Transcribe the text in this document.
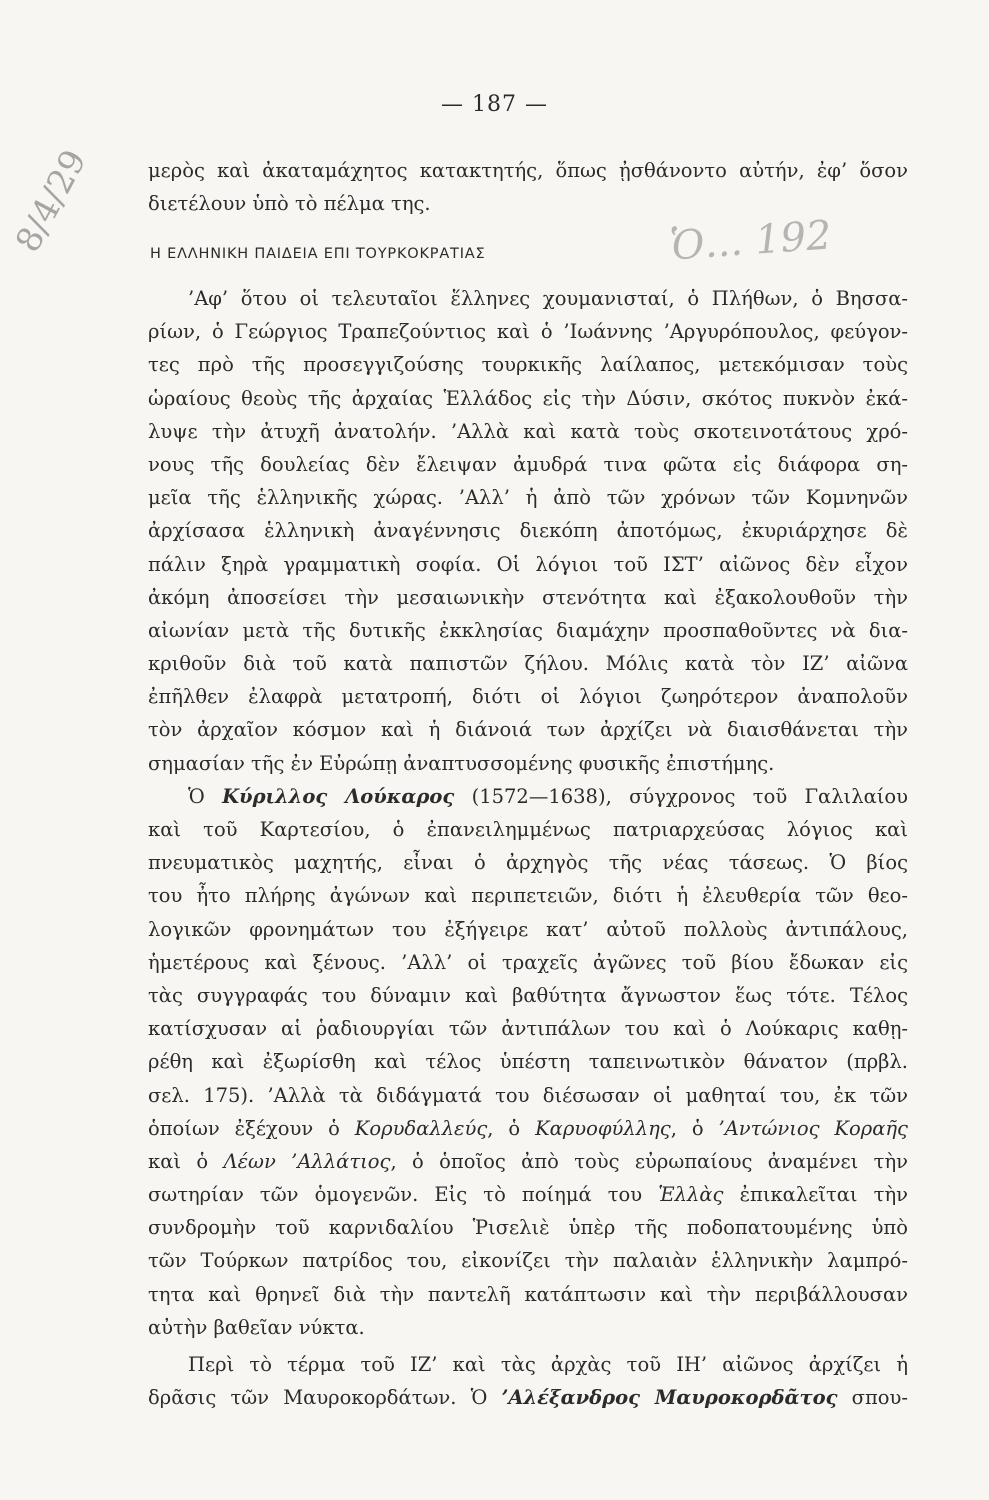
— 187 —
8/4/29	Ὁ... 192
μερὸς καὶ ἀκαταμάχητος κατακτητής, ὅπως ᾐσθάνοντο αὐτήν, ἐφ’ ὅσον
διετέλουν ὑπὸ τὸ πέλμα της.
Η ΕΛΛΗΝΙΚΗ ΠΑΙΔΕΙΑ ΕΠΙ ΤΟΥΡΚΟΚΡΑΤΙΑΣ
’Αφ’ ὅτου οἱ τελευταῖοι ἕλληνες χουμανισταί, ὁ Πλήθων, ὁ Βησσα-
ρίων, ὁ Γεώργιος Τραπεζούντιος καὶ ὁ ’Ιωάννης ’Αργυρόπουλος, φεύγον-
τες πρὸ τῆς προσεγγιζούσης τουρκικῆς λαίλαπος, μετεκόμισαν τοὺς
ὡραίους θεοὺς τῆς ἀρχαίας Ἑλλάδος εἰς τὴν Δύσιν, σκότος πυκνὸν ἐκά-
λυψε τὴν ἀτυχῆ ἀνατολήν. ’Αλλὰ καὶ κατὰ τοὺς σκοτεινοτάτους χρό-
νους τῆς δουλείας δὲν ἔλειψαν ἀμυδρά τινα φῶτα εἰς διάφορα ση-
μεῖα τῆς ἑλληνικῆς χώρας. ’Αλλ’ ἡ ἀπὸ τῶν χρόνων τῶν Κομνηνῶν
ἀρχίσασα ἑλληνικὴ ἀναγέννησις διεκόπη ἀποτόμως, ἐκυριάρχησε δὲ
πάλιν ξηρὰ γραμματικὴ σοφία. Οἱ λόγιοι τοῦ ΙΣΤ’ αἰῶνος δὲν εἶχον
ἀκόμη ἀποσείσει τὴν μεσαιωνικὴν στενότητα καὶ ἐξακολουθοῦν τὴν
αἰωνίαν μετὰ τῆς δυτικῆς ἐκκλησίας διαμάχην προσπαθοῦντες νὰ δια-
κριθοῦν διὰ τοῦ κατὰ παπιστῶν ζήλου. Μόλις κατὰ τὸν ΙΖ’ αἰῶνα
ἐπῆλθεν ἐλαφρὰ μετατροπή, διότι οἱ λόγιοι ζωηρότερον ἀναπολοῦν
τὸν ἀρχαῖον κόσμον καὶ ἡ διάνοιά των ἀρχίζει νὰ διαισθάνεται τὴν
σημασίαν τῆς ἐν Εὐρώπῃ ἀναπτυσσομένης φυσικῆς ἐπιστήμης.
Ὁ Κύριλλος Λούκαρος (1572—1638), σύγχρονος τοῦ Γαλιλαίου
καὶ τοῦ Καρτεσίου, ὁ ἐπανειλημμένως πατριαρχεύσας λόγιος καὶ
πνευματικὸς μαχητής, εἶναι ὁ ἀρχηγὸς τῆς νέας τάσεως. Ὁ βίος
του ἦτο πλήρης ἀγώνων καὶ περιπετειῶν, διότι ἡ ἐλευθερία τῶν θεο-
λογικῶν φρονημάτων του ἐξήγειρε κατ’ αὐτοῦ πολλοὺς ἀντιπάλους,
ἡμετέρους καὶ ξένους. ’Αλλ’ οἱ τραχεῖς ἀγῶνες τοῦ βίου ἔδωκαν εἰς
τὰς συγγραφάς του δύναμιν καὶ βαθύτητα ἄγνωστον ἕως τότε. Τέλος
κατίσχυσαν αἱ ῥαδιουργίαι τῶν ἀντιπάλων του καὶ ὁ Λούκαρις καθῃ-
ρέθη καὶ ἐξωρίσθη καὶ τέλος ὑπέστη ταπεινωτικὸν θάνατον (πρβλ.
σελ. 175). ’Αλλὰ τὰ διδάγματά του διέσωσαν οἱ μαθηταί του, ἐκ τῶν
ὁποίων ἐξέχουν ὁ Κορυδαλλεύς, ὁ Καρυοφύλλης, ὁ ’Αντώνιος Κοραῆς
καὶ ὁ Λέων ’Αλλάτιος, ὁ ὁποῖος ἀπὸ τοὺς εὐρωπαίους ἀναμένει τὴν
σωτηρίαν τῶν ὁμογενῶν. Εἰς τὸ ποίημά του Ἑλλὰς ἐπικαλεῖται τὴν
συνδρομὴν τοῦ καρνιδαλίου Ῥισελιὲ ὑπὲρ τῆς ποδοπατουμένης ὑπὸ
τῶν Τούρκων πατρίδος του, εἰκονίζει τὴν παλαιὰν ἑλληνικὴν λαμπρό-
τητα καὶ θρηνεῖ διὰ τὴν παντελῆ κατάπτωσιν καὶ τὴν περιβάλλουσαν
αὐτὴν βαθεῖαν νύκτα.
Περὶ τὸ τέρμα τοῦ ΙΖ’ καὶ τὰς ἀρχὰς τοῦ ΙΗ’ αἰῶνος ἀρχίζει ἡ
δρᾶσις τῶν Μαυροκορδάτων. Ὁ ’Αλέξανδρος Μαυροκορδᾶτος σπου-
